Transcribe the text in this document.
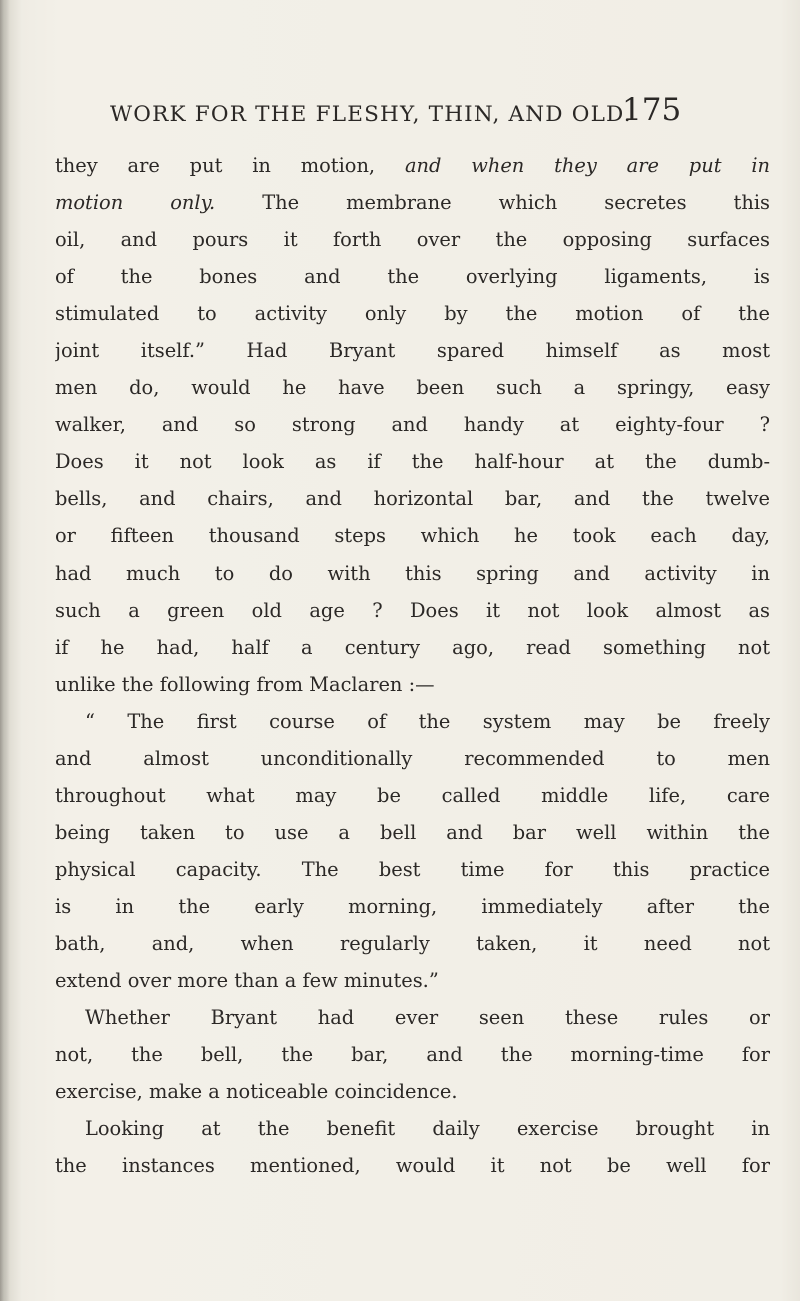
WORK FOR THE FLESHY, THIN, AND OLD.
175
they are put in motion, and when they are put in
motion only. The membrane which secretes this
oil, and pours it forth over the opposing surfaces
of the bones and the overlying ligaments, is
stimulated to activity only by the motion of the
joint itself.” Had Bryant spared himself as most
men do, would he have been such a springy, easy
walker, and so strong and handy at eighty-four ?
Does it not look as if the half-hour at the dumb-
bells, and chairs, and horizontal bar, and the twelve
or fifteen thousand steps which he took each day,
had much to do with this spring and activity in
such a green old age ? Does it not look almost as
if he had, half a century ago, read something not
unlike the following from Maclaren :—
“ The first course of the system may be freely
and almost unconditionally recommended to men
throughout what may be called middle life, care
being taken to use a bell and bar well within the
physical capacity. The best time for this practice
is in the early morning, immediately after the
bath, and, when regularly taken, it need not
extend over more than a few minutes.”
Whether Bryant had ever seen these rules or
not, the bell, the bar, and the morning-time for
exercise, make a noticeable coincidence.
Looking at the benefit daily exercise brought in
the instances mentioned, would it not be well for
